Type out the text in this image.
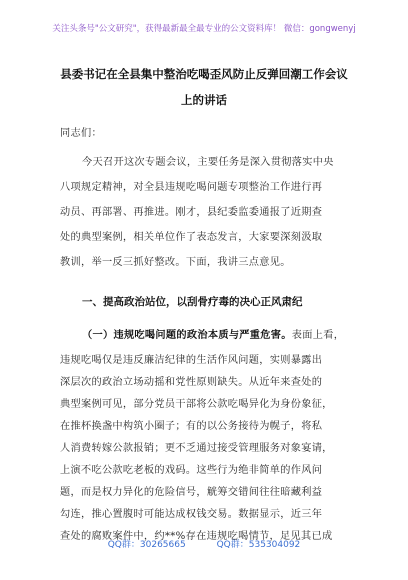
关注头条号"公文研究"，获得最新最全最专业的公文资料库！ 微信：gongwenyj
县委书记在全县集中整治吃喝歪风防止反弹回潮工作会议
上的讲话
同志们：
今天召开这次专题会议，主要任务是深入贯彻落实中央
八项规定精神，对全县违规吃喝问题专项整治工作进行再
动员、再部署、再推进。刚才，县纪委监委通报了近期查
处的典型案例，相关单位作了表态发言，大家要深刻汲取
教训，举一反三抓好整改。下面，我讲三点意见。
一、提高政治站位，以刮骨疗毒的决心正风肃纪
（一）违规吃喝问题的政治本质与严重危害。表面上看，
违规吃喝仅是违反廉洁纪律的生活作风问题，实则暴露出
深层次的政治立场动摇和党性原则缺失。从近年来查处的
典型案例可见，部分党员干部将公款吃喝异化为身份象征，
在推杯换盏中构筑小圈子；有的以公务接待为幌子，将私
人消费转嫁公款报销；更不乏通过接受管理服务对象宴请，
上演不吃公款吃老板的戏码。这些行为绝非简单的作风问
题，而是权力异化的危险信号，觥筹交错间往往暗藏利益
QQ群：30265665	QQ群：535304092
勾连，推心置腹时可能达成权钱交易。数据显示，近三年
查处的腐败案件中，约**%存在违规吃喝情节，足见其已成
